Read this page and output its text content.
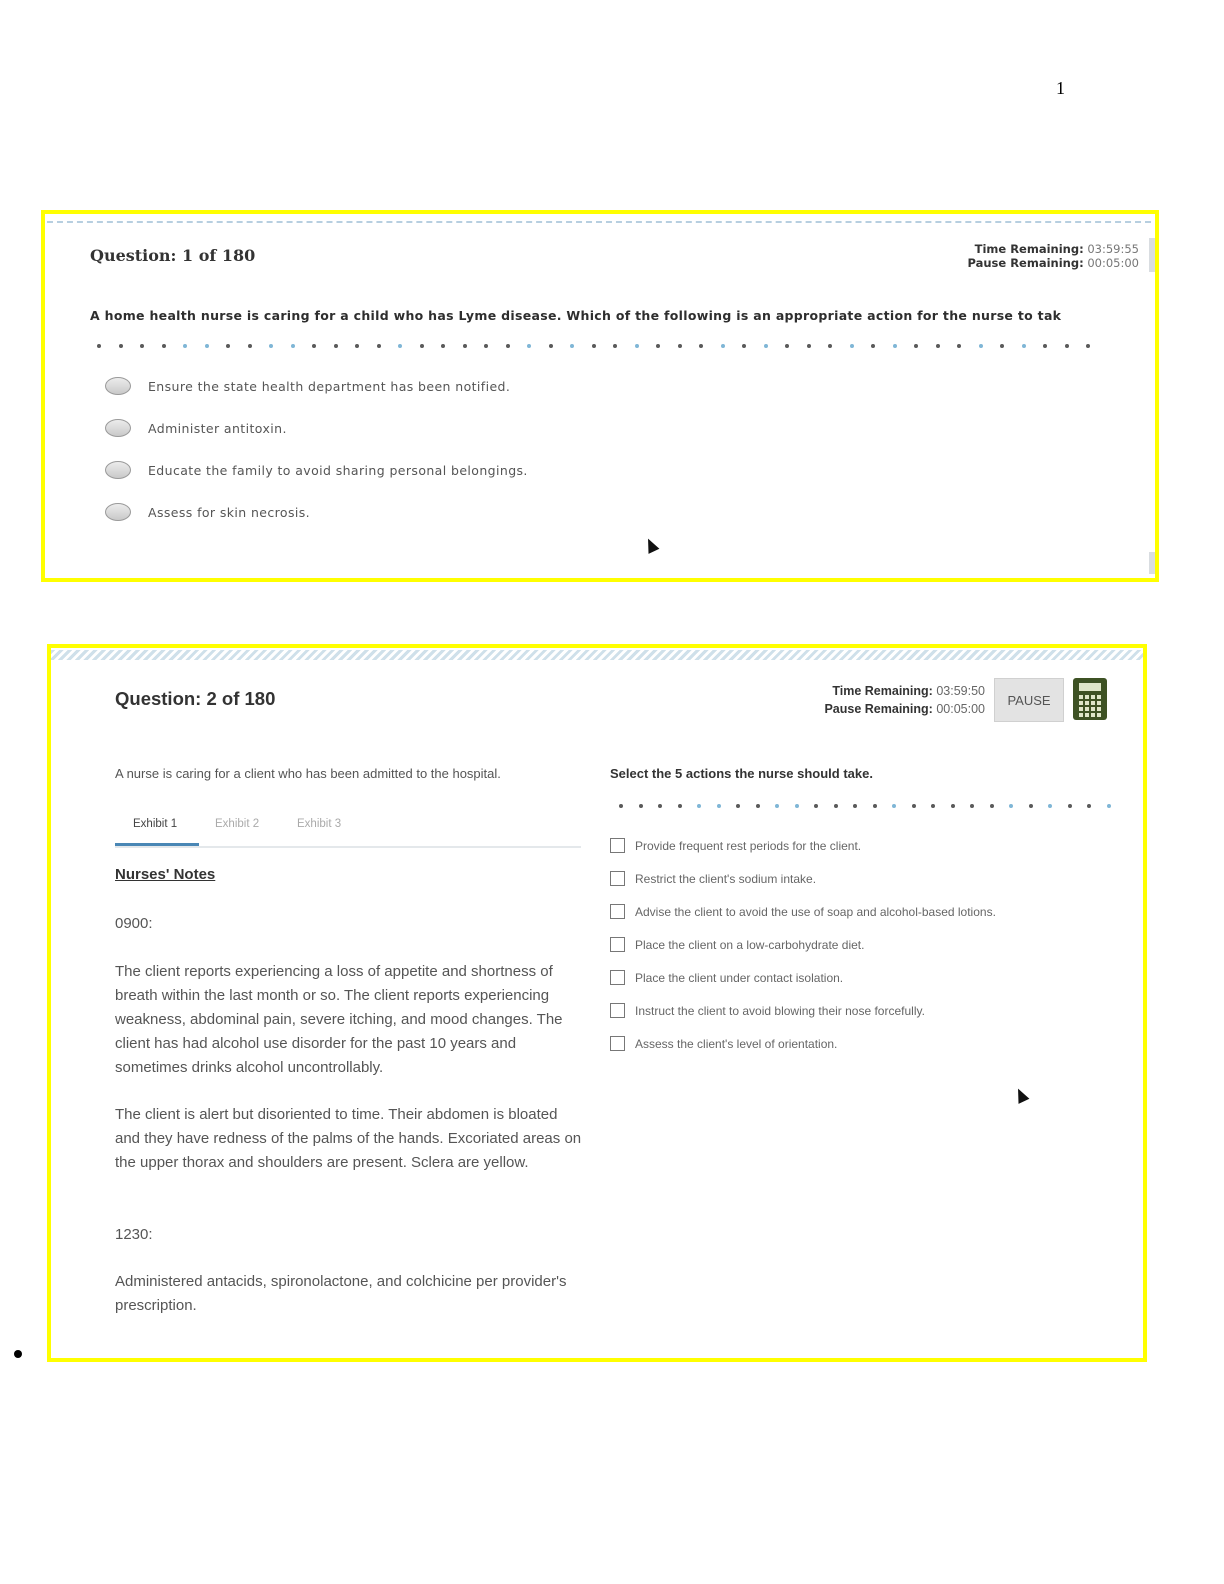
1
Question: 1 of 180	Time Remaining: 03:59:55
Pause Remaining: 00:05:00
A home health nurse is caring for a child who has Lyme disease. Which of the following is an appropriate action for the nurse to tak
Ensure the state health department has been notified.
Administer antitoxin.
Educate the family to avoid sharing personal belongings.
Assess for skin necrosis.
Question: 2 of 180	Time Remaining: 03:59:50
Pause Remaining: 00:05:00
PAUSE
A nurse is caring for a client who has been admitted to the hospital.
Exhibit 1	Exhibit 2	Exhibit 3
Nurses' Notes
0900:
The client reports experiencing a loss of appetite and shortness of breath within the last month or so. The client reports experiencing weakness, abdominal pain, severe itching, and mood changes. The client has had alcohol use disorder for the past 10 years and sometimes drinks alcohol uncontrollably.
The client is alert but disoriented to time. Their abdomen is bloated and they have redness of the palms of the hands. Excoriated areas on the upper thorax and shoulders are present. Sclera are yellow.
1230:
Administered antacids, spironolactone, and colchicine per provider's prescription.
Select the 5 actions the nurse should take.
Provide frequent rest periods for the client.
Restrict the client's sodium intake.
Advise the client to avoid the use of soap and alcohol-based lotions.
Place the client on a low-carbohydrate diet.
Place the client under contact isolation.
Instruct the client to avoid blowing their nose forcefully.
Assess the client's level of orientation.
